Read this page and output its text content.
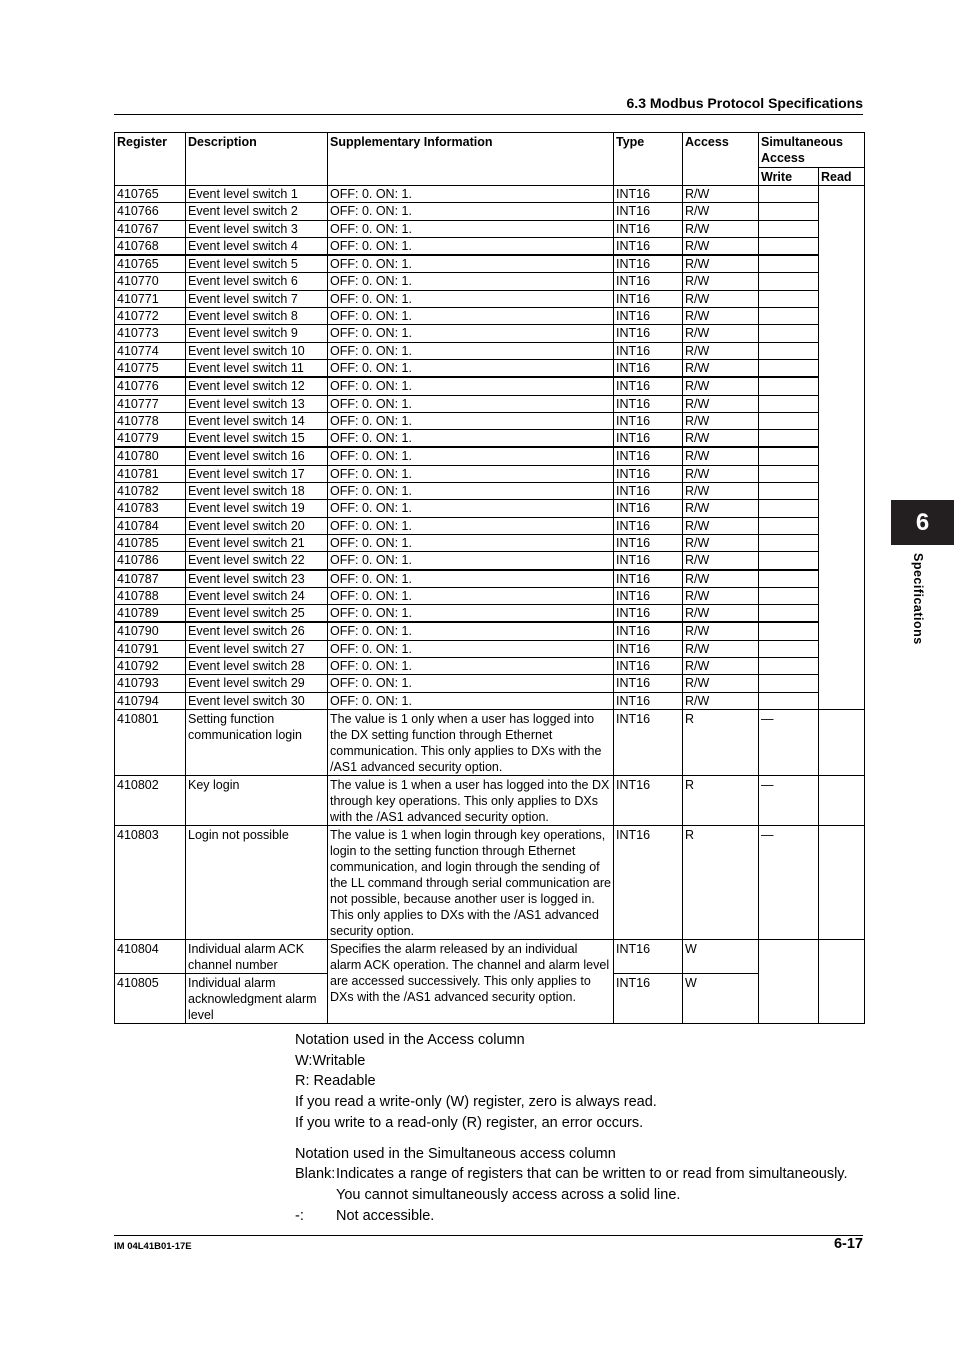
6.3 Modbus Protocol Specifications
6
Specifications
Register	Description	Supplementary Information	Type	Access	Simultaneous Access	
					Write	Read
410765	Event level switch 1	OFF: 0. ON: 1.	INT16	R/W		
410766	Event level switch 2	OFF: 0. ON: 1.	INT16	R/W		
410767	Event level switch 3	OFF: 0. ON: 1.	INT16	R/W		
410768	Event level switch 4	OFF: 0. ON: 1.	INT16	R/W		
410765	Event level switch 5	OFF: 0. ON: 1.	INT16	R/W		
410770	Event level switch 6	OFF: 0. ON: 1.	INT16	R/W		
410771	Event level switch 7	OFF: 0. ON: 1.	INT16	R/W		
410772	Event level switch 8	OFF: 0. ON: 1.	INT16	R/W		
410773	Event level switch 9	OFF: 0. ON: 1.	INT16	R/W		
410774	Event level switch 10	OFF: 0. ON: 1.	INT16	R/W		
410775	Event level switch 11	OFF: 0. ON: 1.	INT16	R/W		
410776	Event level switch 12	OFF: 0. ON: 1.	INT16	R/W		
410777	Event level switch 13	OFF: 0. ON: 1.	INT16	R/W		
410778	Event level switch 14	OFF: 0. ON: 1.	INT16	R/W		
410779	Event level switch 15	OFF: 0. ON: 1.	INT16	R/W		
410780	Event level switch 16	OFF: 0. ON: 1.	INT16	R/W		
410781	Event level switch 17	OFF: 0. ON: 1.	INT16	R/W		
410782	Event level switch 18	OFF: 0. ON: 1.	INT16	R/W		
410783	Event level switch 19	OFF: 0. ON: 1.	INT16	R/W		
410784	Event level switch 20	OFF: 0. ON: 1.	INT16	R/W		
410785	Event level switch 21	OFF: 0. ON: 1.	INT16	R/W		
410786	Event level switch 22	OFF: 0. ON: 1.	INT16	R/W		
410787	Event level switch 23	OFF: 0. ON: 1.	INT16	R/W		
410788	Event level switch 24	OFF: 0. ON: 1.	INT16	R/W		
410789	Event level switch 25	OFF: 0. ON: 1.	INT16	R/W		
410790	Event level switch 26	OFF: 0. ON: 1.	INT16	R/W		
410791	Event level switch 27	OFF: 0. ON: 1.	INT16	R/W		
410792	Event level switch 28	OFF: 0. ON: 1.	INT16	R/W		
410793	Event level switch 29	OFF: 0. ON: 1.	INT16	R/W		
410794	Event level switch 30	OFF: 0. ON: 1.	INT16	R/W		
410801	Setting function communication login	The value is 1 only when a user has logged into the DX setting function through Ethernet communication. This only applies to DXs with the /AS1 advanced security option.	INT16	R	—	
410802	Key login	The value is 1 when a user has logged into the DX through key operations. This only applies to DXs with the /AS1 advanced security option.	INT16	R	—	
410803	Login not possible	The value is 1 when login through key operations, login to the setting function through Ethernet communication, and login through the sending of the LL command through serial communication are not possible, because another user is logged in. This only applies to DXs with the /AS1 advanced security option.	INT16	R	—	
410804	Individual alarm ACK channel number	Specifies the alarm released by an individual alarm ACK operation. The channel and alarm level are accessed successively. This only applies to DXs with the /AS1 advanced security option.	INT16	W		
410805	Individual alarm acknowledgment alarm level		INT16	W		
Notation used in the Access column
W:Writable
R: Readable
If you read a write-only (W) register, zero is always read.
If you write to a read-only (R) register, an error occurs.
Notation used in the Simultaneous access column
Blank:Indicates a range of registers that can be written to or read from simultaneously.
You cannot simultaneously access across a solid line.
-: Not accessible.
IM 04L41B01-17E	6-17
